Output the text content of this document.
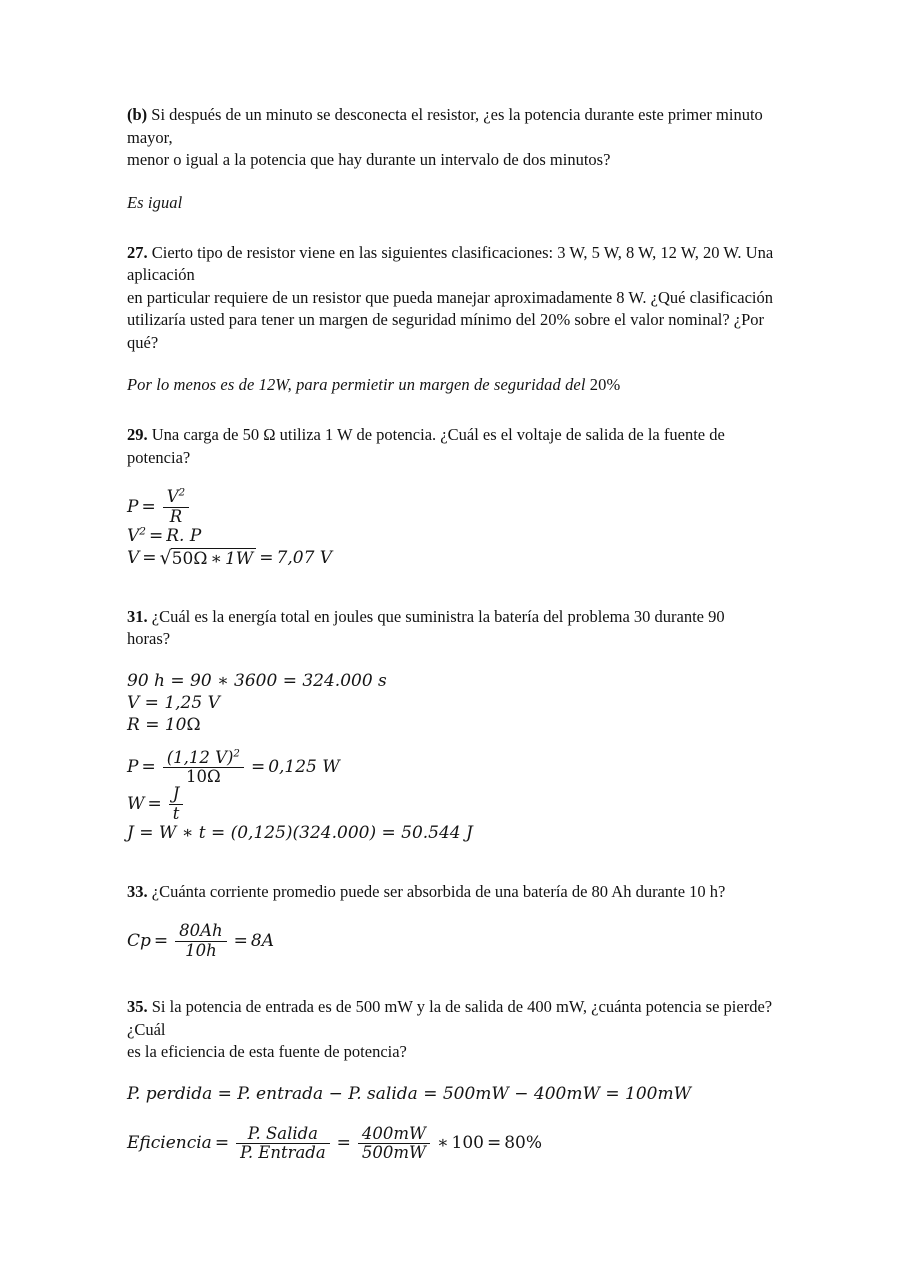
(b) Si después de un minuto se desconecta el resistor, ¿es la potencia durante este primer minuto
mayor,
menor o igual a la potencia que hay durante un intervalo de dos minutos?
Es igual
27. Cierto tipo de resistor viene en las siguientes clasificaciones: 3 W, 5 W, 8 W, 12 W, 20 W. Una aplicación
en particular requiere de un resistor que pueda manejar aproximadamente 8 W. ¿Qué clasificación
utilizaría usted para tener un margen de seguridad mínimo del 20% sobre el valor nominal? ¿Por qué?
Por lo menos es de 12W, para permietir un margen de seguridad del 20%
29. Una carga de 50 Ω utiliza 1 W de potencia. ¿Cuál es el voltaje de salida de la fuente de
potencia?
$P = \frac{V^2}{R}$
$V^2 = R$. P
V = √ 50Ω ∗ 1W = 7,07 V
31. ¿Cuál es la energía total en joules que suministra la batería del problema 30 durante 90
horas?
90 h = 90 ∗ 3600 = 324.000 s
V = 1,25 V
R = 10 Ω
$P = \frac{(1,12 V)^2}{10\Omega} = 0,125$ W
$W = \frac{J}{t}$
J = W ∗ t = (0,125)(324.000) = 50.544 J
33. ¿Cuánta corriente promedio puede ser absorbida de una batería de 80 Ah durante 10 h?
$Cp = \frac{80Ah}{10h} = 8A$
35. Si la potencia de entrada es de 500 mW y la de salida de 400 mW, ¿cuánta potencia se pierde? ¿Cuál
es la eficiencia de esta fuente de potencia?
P. perdida = P. entrada − P. salida = 500mW − 400mW = 100mW
Eficiencia = $\frac{\text{P. Salida}}{\text{P. Entrada}} = \frac{400mW}{500mW}$ ∗ 100 = 80%
